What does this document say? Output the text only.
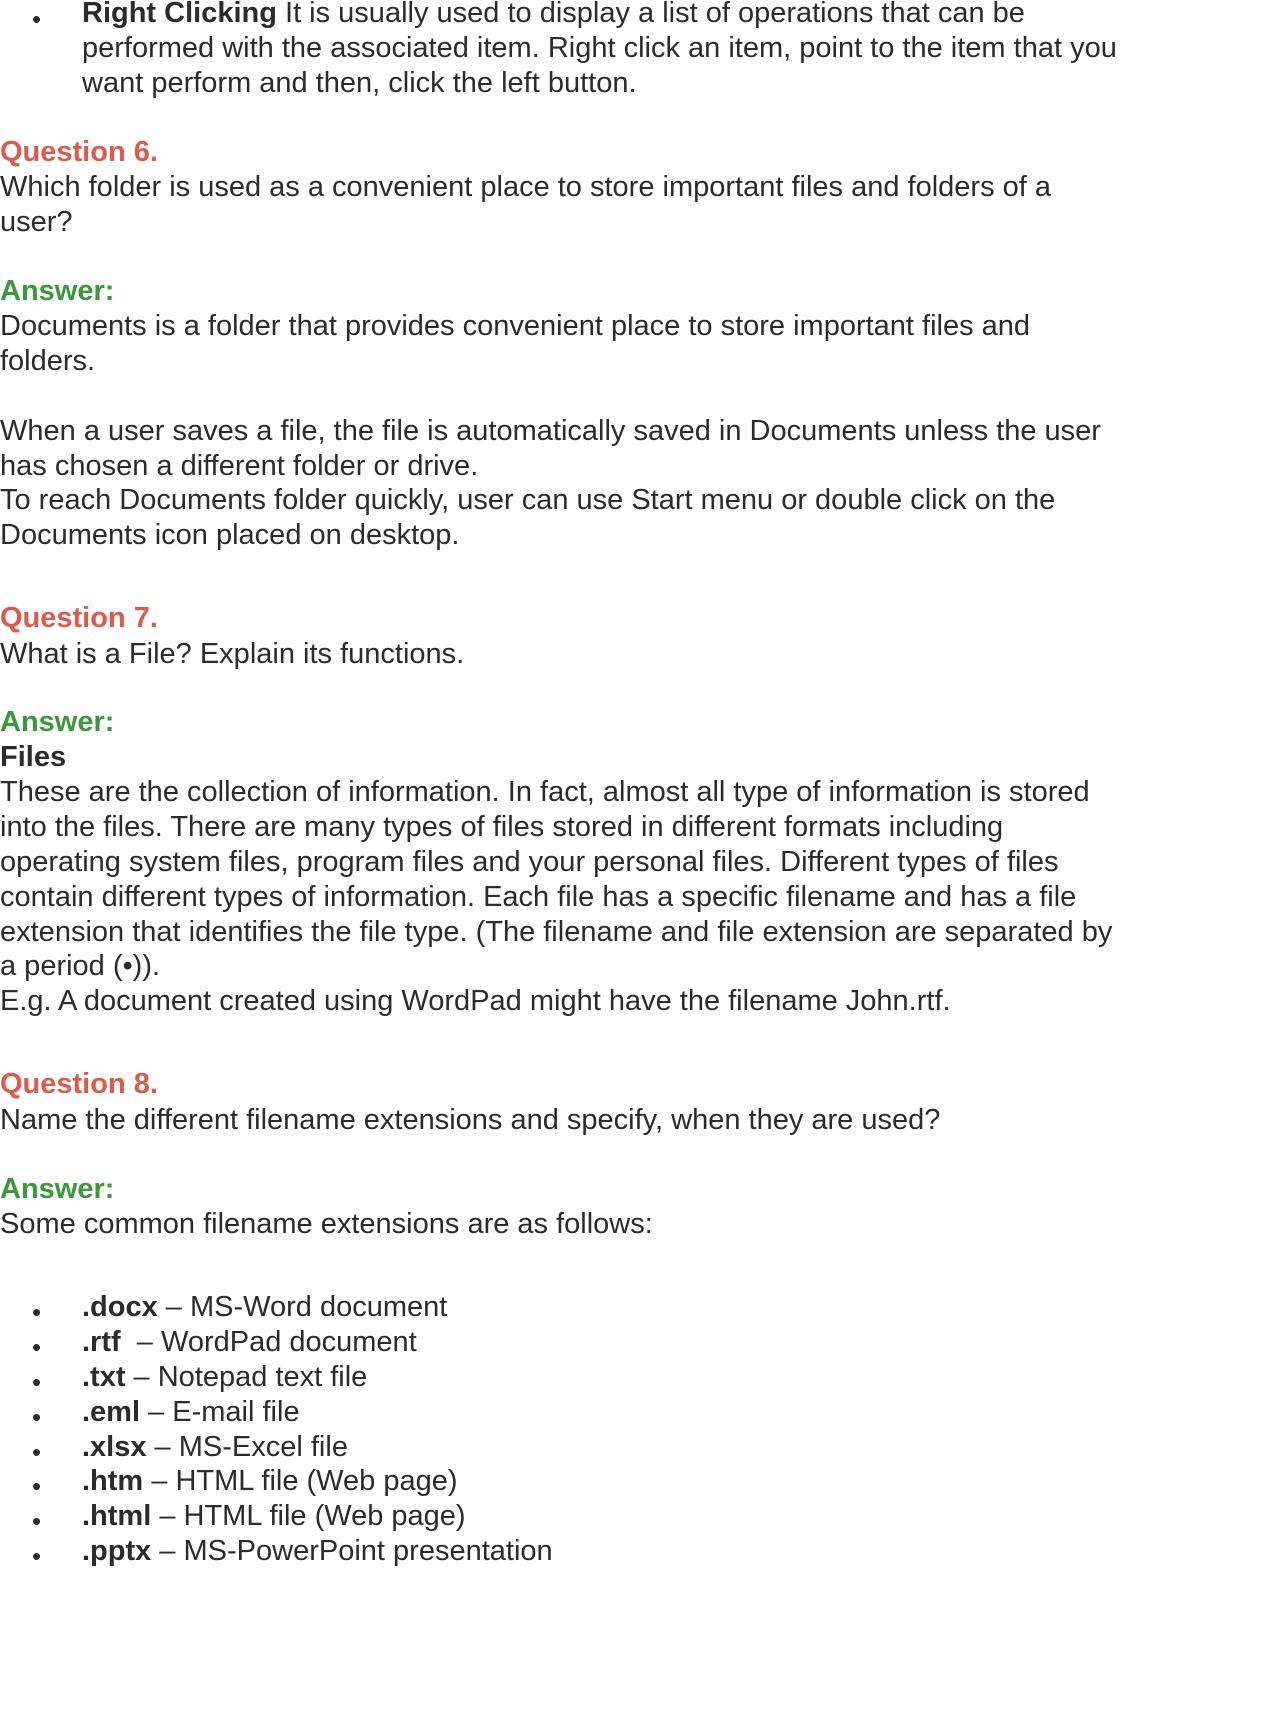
• Right Clicking It is usually used to display a list of operations that can be
performed with the associated item. Right click an item, point to the item that you
want perform and then, click the left button.
Question 6.
Which folder is used as a convenient place to store important files and folders of a
user?
Answer:
Documents is a folder that provides convenient place to store important files and
folders.
When a user saves a file, the file is automatically saved in Documents unless the user
has chosen a different folder or drive.
To reach Documents folder quickly, user can use Start menu or double click on the
Documents icon placed on desktop.
Question 7.
What is a File? Explain its functions.
Answer:
Files
These are the collection of information. In fact, almost all type of information is stored
into the files. There are many types of files stored in different formats including
operating system files, program files and your personal files. Different types of files
contain different types of information. Each file has a specific filename and has a file
extension that identifies the file type. (The filename and file extension are separated by
a period (•)).
E.g. A document created using WordPad might have the filename John.rtf.
Question 8.
Name the different filename extensions and specify, when they are used?
Answer:
Some common filename extensions are as follows:
• .docx – MS-Word document
• .rtf  – WordPad document
• .txt – Notepad text file
• .eml – E-mail file
• .xlsx – MS-Excel file
• .htm – HTML file (Web page)
• .html – HTML file (Web page)
• .pptx – MS-PowerPoint presentation
